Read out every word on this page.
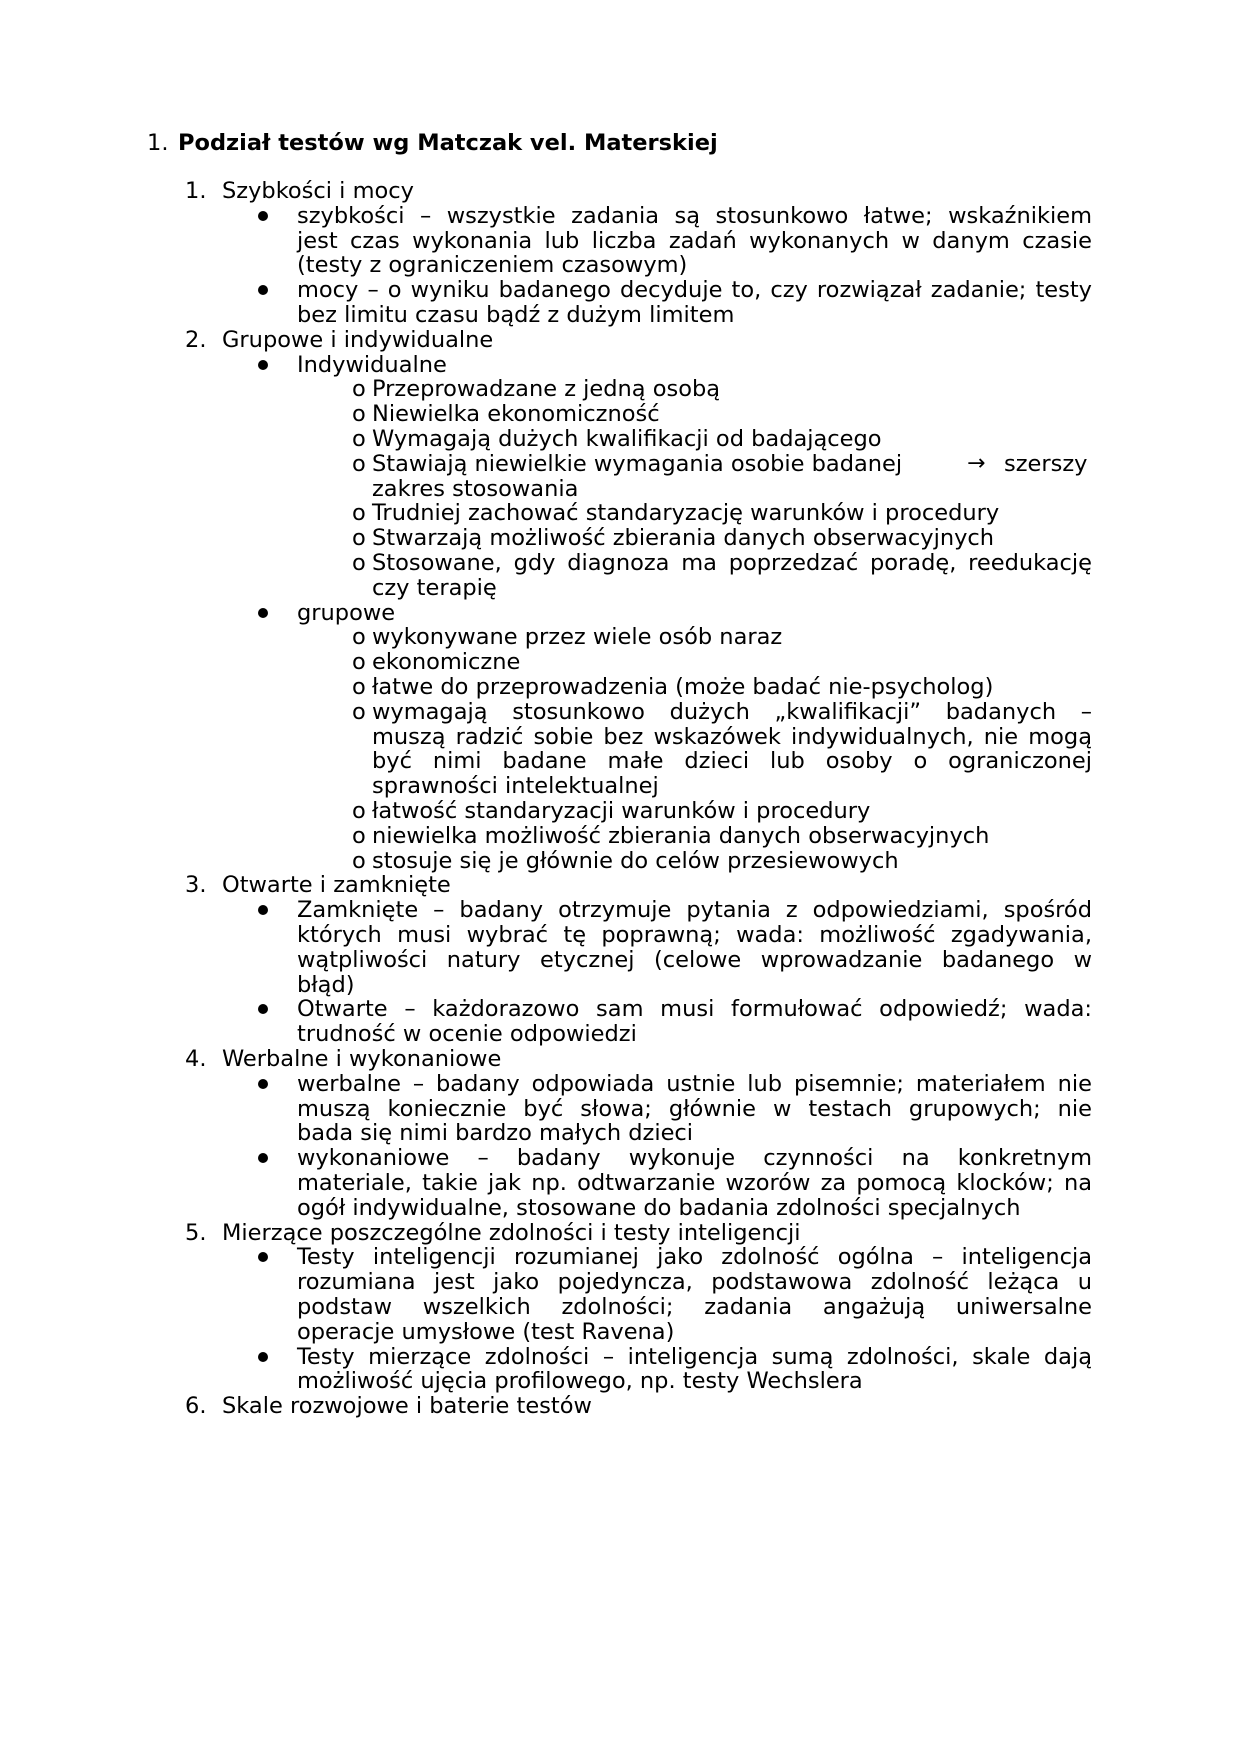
1. Podział testów wg Matczak vel. Materskiej
1. Szybkości i mocy
szybkości – wszystkie zadania są stosunkowo łatwe; wskaźnikiem
jest czas wykonania lub liczba zadań wykonanych w danym czasie
(testy z ograniczeniem czasowym)
mocy – o wyniku badanego decyduje to, czy rozwiązał zadanie; testy
bez limitu czasu bądź z dużym limitem
2. Grupowe i indywidualne
Indywidualne
o Przeprowadzane z jedną osobą
o Niewielka ekonomiczność
o Wymagają dużych kwalifikacji od badającego
o Stawiają niewielkie wymagania osobie badanej	→ szerszy
zakres stosowania
o Trudniej zachować standaryzację warunków i procedury
o Stwarzają możliwość zbierania danych obserwacyjnych
o Stosowane, gdy diagnoza ma poprzedzać poradę, reedukację
czy terapię
grupowe
o wykonywane przez wiele osób naraz
o ekonomiczne
o łatwe do przeprowadzenia (może badać nie-psycholog)
o wymagają stosunkowo dużych „kwalifikacji” badanych –
muszą radzić sobie bez wskazówek indywidualnych, nie mogą
być nimi badane małe dzieci lub osoby o ograniczonej
sprawności intelektualnej
o łatwość standaryzacji warunków i procedury
o niewielka możliwość zbierania danych obserwacyjnych
o stosuje się je głównie do celów przesiewowych
3. Otwarte i zamknięte
Zamknięte – badany otrzymuje pytania z odpowiedziami, spośród
których musi wybrać tę poprawną; wada: możliwość zgadywania,
wątpliwości natury etycznej (celowe wprowadzanie badanego w
błąd)
Otwarte – każdorazowo sam musi formułować odpowiedź; wada:
trudność w ocenie odpowiedzi
4. Werbalne i wykonaniowe
werbalne – badany odpowiada ustnie lub pisemnie; materiałem nie
muszą koniecznie być słowa; głównie w testach grupowych; nie
bada się nimi bardzo małych dzieci
wykonaniowe – badany wykonuje czynności na konkretnym
materiale, takie jak np. odtwarzanie wzorów za pomocą klocków; na
ogół indywidualne, stosowane do badania zdolności specjalnych
5. Mierzące poszczególne zdolności i testy inteligencji
Testy inteligencji rozumianej jako zdolność ogólna – inteligencja
rozumiana jest jako pojedyncza, podstawowa zdolność leżąca u
podstaw wszelkich zdolności; zadania angażują uniwersalne
operacje umysłowe (test Ravena)
Testy mierzące zdolności – inteligencja sumą zdolności, skale dają
możliwość ujęcia profilowego, np. testy Wechslera
6. Skale rozwojowe i baterie testów
